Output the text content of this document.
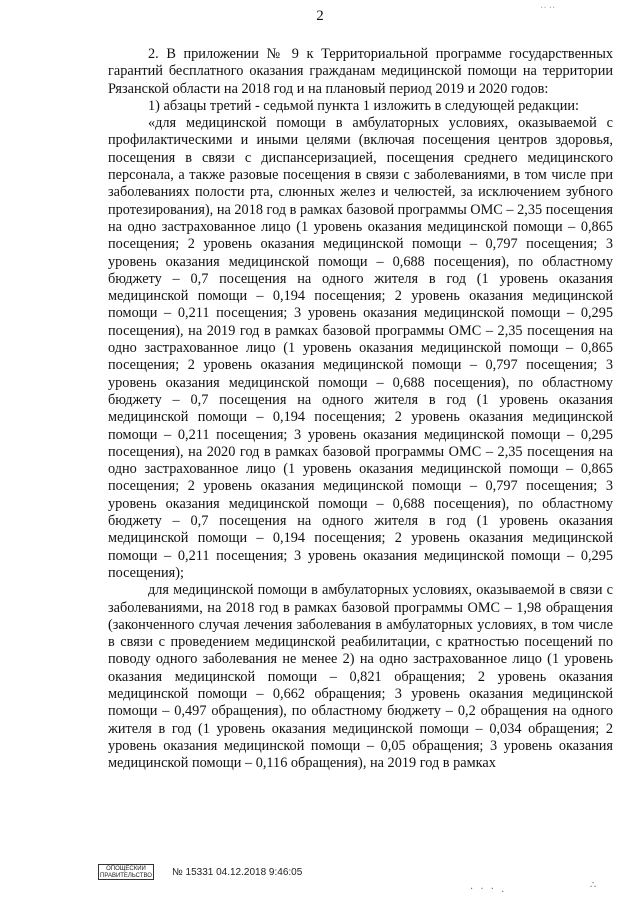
2

2. В приложении № 9 к Территориальной программе государственных гарантий бесплатного оказания гражданам медицинской помощи на территории Рязанской области на 2018 год и на плановый период 2019 и 2020 годов:

1) абзацы третий - седьмой пункта 1 изложить в следующей редакции:

«для медицинской помощи в амбулаторных условиях, оказываемой с профилактическими и иными целями (включая посещения центров здоровья, посещения в связи с диспансеризацией, посещения среднего медицинского персонала, а также разовые посещения в связи с заболеваниями, в том числе при заболеваниях полости рта, слюнных желез и челюстей, за исключением зубного протезирования), на 2018 год в рамках базовой программы ОМС – 2,35 посещения на одно застрахованное лицо (1 уровень оказания медицинской помощи – 0,865 посещения; 2 уровень оказания медицинской помощи – 0,797 посещения; 3 уровень оказания медицинской помощи – 0,688 посещения), по областному бюджету – 0,7 посещения на одного жителя в год (1 уровень оказания медицинской помощи – 0,194 посещения; 2 уровень оказания медицинской помощи – 0,211 посещения; 3 уровень оказания медицинской помощи – 0,295 посещения), на 2019 год в рамках базовой программы ОМС – 2,35 посещения на одно застрахованное лицо (1 уровень оказания медицинской помощи – 0,865 посещения; 2 уровень оказания медицинской помощи – 0,797 посещения; 3 уровень оказания медицинской помощи – 0,688 посещения), по областному бюджету – 0,7 посещения на одного жителя в год (1 уровень оказания медицинской помощи – 0,194 посещения; 2 уровень оказания медицинской помощи – 0,211 посещения; 3 уровень оказания медицинской помощи – 0,295 посещения), на 2020 год в рамках базовой программы ОМС – 2,35 посещения на одно застрахованное лицо (1 уровень оказания медицинской помощи – 0,865 посещения; 2 уровень оказания медицинской помощи – 0,797 посещения; 3 уровень оказания медицинской помощи – 0,688 посещения), по областному бюджету – 0,7 посещения на одного жителя в год (1 уровень оказания медицинской помощи – 0,194 посещения; 2 уровень оказания медицинской помощи – 0,211 посещения; 3 уровень оказания медицинской помощи – 0,295 посещения);

для медицинской помощи в амбулаторных условиях, оказываемой в связи с заболеваниями, на 2018 год в рамках базовой программы ОМС – 1,98 обращения (законченного случая лечения заболевания в амбулаторных условиях, в том числе в связи с проведением медицинской реабилитации, с кратностью посещений по поводу одного заболевания не менее 2) на одно застрахованное лицо (1 уровень оказания медицинской помощи – 0,821 обращения; 2 уровень оказания медицинской помощи – 0,662 обращения; 3 уровень оказания медицинской помощи – 0,497 обращения), по областному бюджету – 0,2 обращения на одного жителя в год (1 уровень оказания медицинской помощи – 0,034 обращения; 2 уровень оказания медицинской помощи – 0,05 обращения; 3 уровень оказания медицинской помощи – 0,116 обращения), на 2019 год в рамках

ОПОЩЕСКИЙ
ПРАВИТЕЛЬСТВО № 15331 04.12.2018 9:46:05
· · · .	∴
‥‥
